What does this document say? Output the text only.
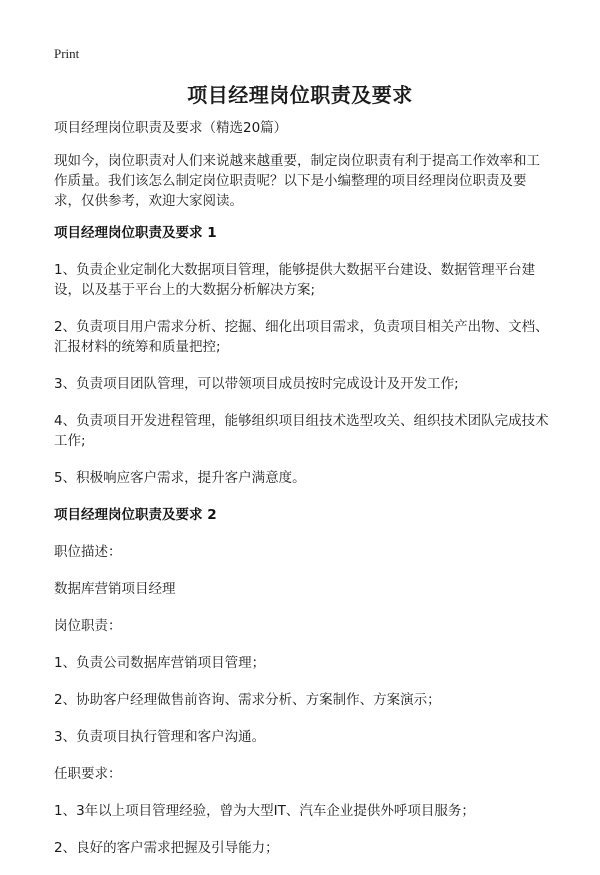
Print
项目经理岗位职责及要求
项目经理岗位职责及要求（精选20篇）
现如今，岗位职责对人们来说越来越重要，制定岗位职责有利于提高工作效率和工作质量。我们该怎么制定岗位职责呢？以下是小编整理的项目经理岗位职责及要求，仅供参考，欢迎大家阅读。
项目经理岗位职责及要求 1
1、负责企业定制化大数据项目管理，能够提供大数据平台建设、数据管理平台建设，以及基于平台上的大数据分析解决方案;
2、负责项目用户需求分析、挖掘、细化出项目需求，负责项目相关产出物、文档、汇报材料的统筹和质量把控;
3、负责项目团队管理，可以带领项目成员按时完成设计及开发工作;
4、负责项目开发进程管理，能够组织项目组技术选型攻关、组织技术团队完成技术工作;
5、积极响应客户需求，提升客户满意度。
项目经理岗位职责及要求 2
职位描述：
数据库营销项目经理
岗位职责：
1、负责公司数据库营销项目管理；
2、协助客户经理做售前咨询、需求分析、方案制作、方案演示；
3、负责项目执行管理和客户沟通。
任职要求：
1、3年以上项目管理经验，曾为大型IT、汽车企业提供外呼项目服务；
2、良好的客户需求把握及引导能力；
